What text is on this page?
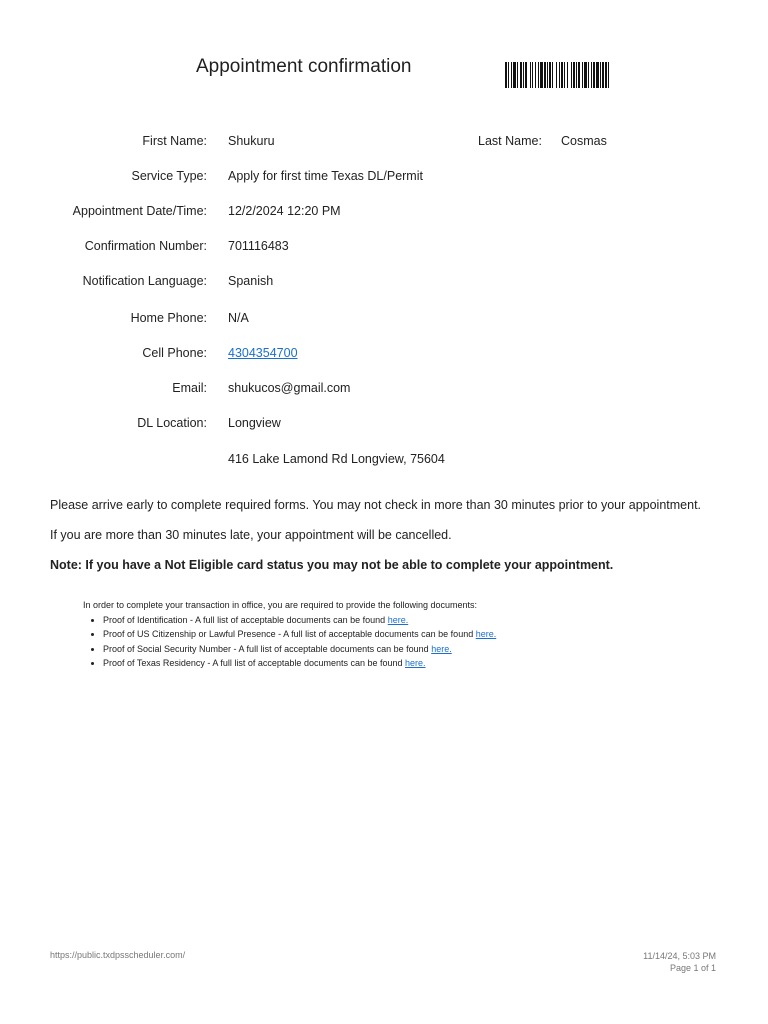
Appointment confirmation
First Name: Shukuru	Last Name: Cosmas
Service Type: Apply for first time Texas DL/Permit
Appointment Date/Time: 12/2/2024 12:20 PM
Confirmation Number: 701116483
Notification Language: Spanish
Home Phone: N/A
Cell Phone: 4304354700
Email: shukucos@gmail.com
DL Location: Longview
416 Lake Lamond Rd Longview, 75604
Please arrive early to complete required forms. You may not check in more than 30 minutes prior to your appointment.
If you are more than 30 minutes late, your appointment will be cancelled.
Note: If you have a Not Eligible card status you may not be able to complete your appointment.
In order to complete your transaction in office, you are required to provide the following documents:
• Proof of Identification - A full list of acceptable documents can be found here.
• Proof of US Citizenship or Lawful Presence - A full list of acceptable documents can be found here.
• Proof of Social Security Number - A full list of acceptable documents can be found here.
• Proof of Texas Residency - A full list of acceptable documents can be found here.
https://public.txdpsscheduler.com/	11/14/24, 5:03 PM
Page 1 of 1
